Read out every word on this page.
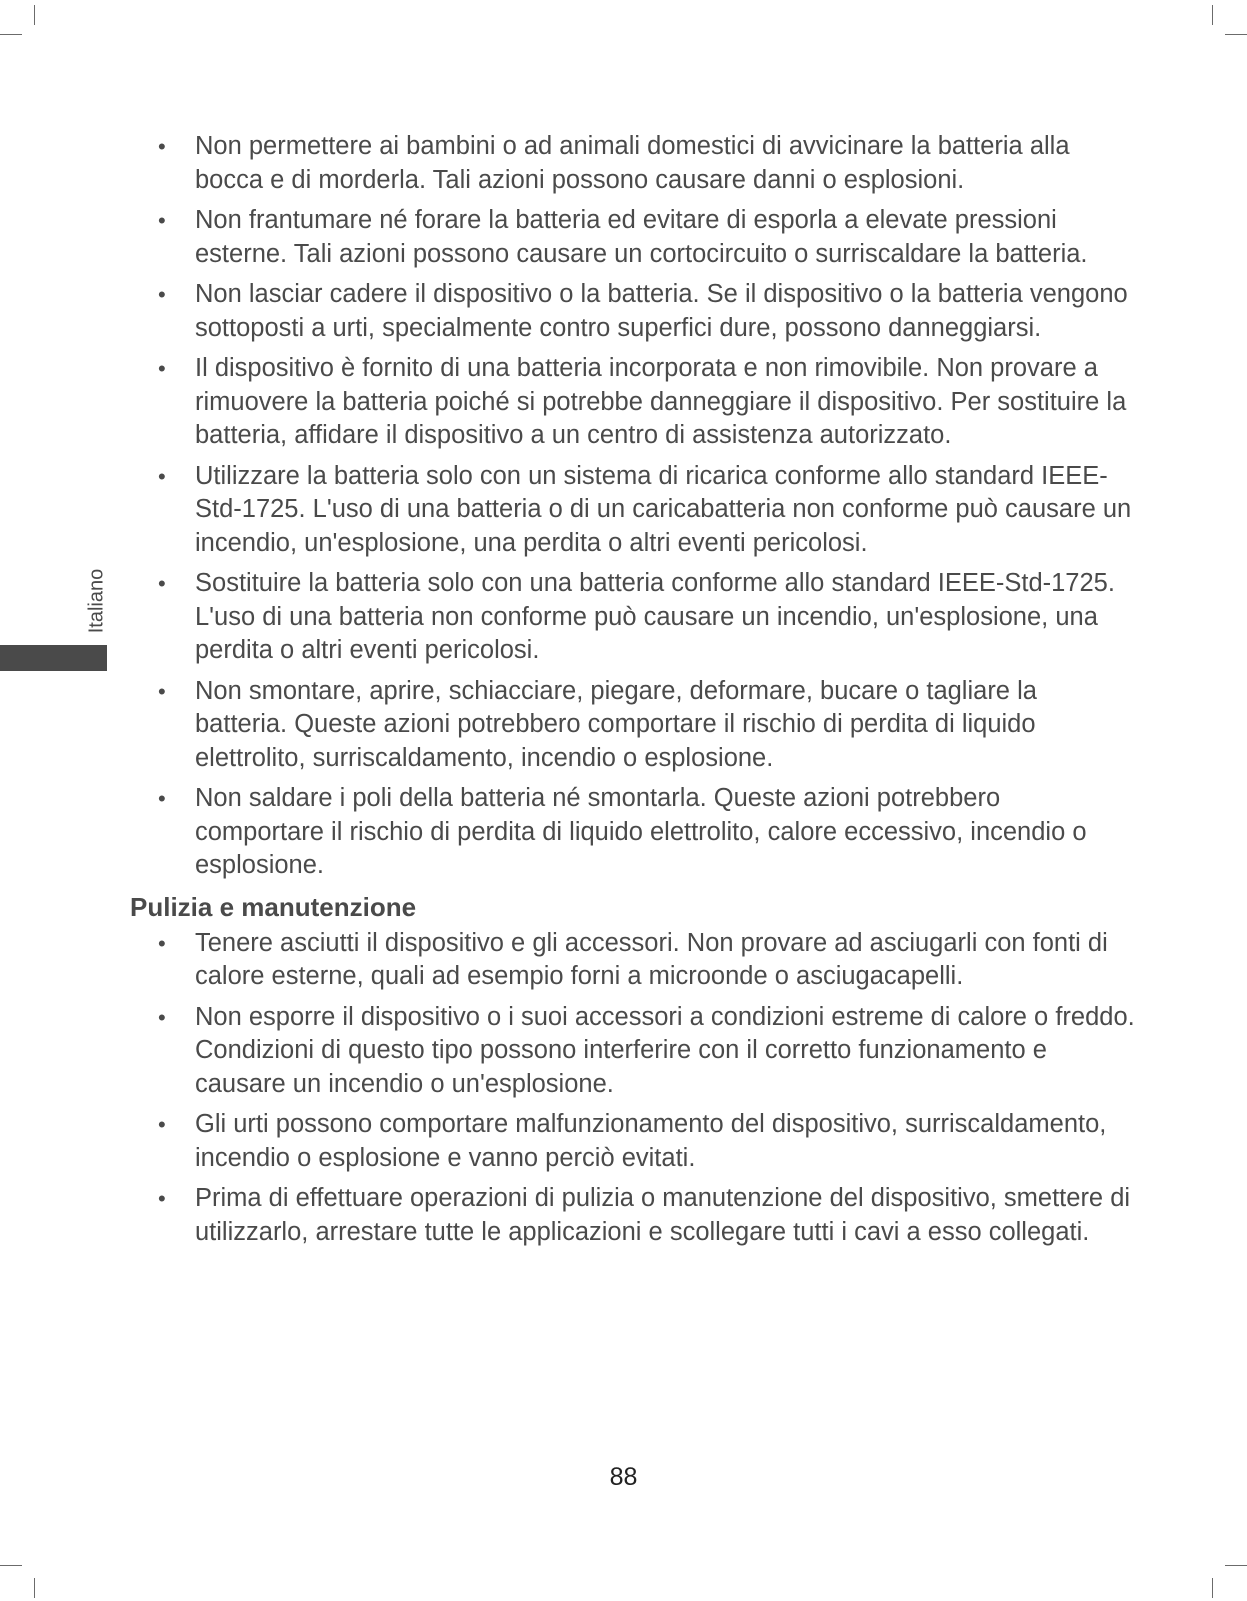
Italiano
• Non permettere ai bambini o ad animali domestici di avvicinare la batteria alla bocca e di morderla. Tali azioni possono causare danni o esplosioni.
• Non frantumare né forare la batteria ed evitare di esporla a elevate pressioni esterne. Tali azioni possono causare un cortocircuito o surriscaldare la batteria.
• Non lasciar cadere il dispositivo o la batteria. Se il dispositivo o la batteria vengono sottoposti a urti, specialmente contro superfici dure, possono danneggiarsi.
• Il dispositivo è fornito di una batteria incorporata e non rimovibile. Non provare a rimuovere la batteria poiché si potrebbe danneggiare il dispositivo. Per sostituire la batteria, affidare il dispositivo a un centro di assistenza autorizzato.
• Utilizzare la batteria solo con un sistema di ricarica conforme allo standard IEEE-Std-1725. L'uso di una batteria o di un caricabatteria non conforme può causare un incendio, un'esplosione, una perdita o altri eventi pericolosi.
• Sostituire la batteria solo con una batteria conforme allo standard IEEE-Std-1725. L'uso di una batteria non conforme può causare un incendio, un'esplosione, una perdita o altri eventi pericolosi.
• Non smontare, aprire, schiacciare, piegare, deformare, bucare o tagliare la batteria. Queste azioni potrebbero comportare il rischio di perdita di liquido elettrolito, surriscaldamento, incendio o esplosione.
• Non saldare i poli della batteria né smontarla. Queste azioni potrebbero comportare il rischio di perdita di liquido elettrolito, calore eccessivo, incendio o esplosione.
Pulizia e manutenzione
• Tenere asciutti il dispositivo e gli accessori. Non provare ad asciugarli con fonti di calore esterne, quali ad esempio forni a microonde o asciugacapelli.
• Non esporre il dispositivo o i suoi accessori a condizioni estreme di calore o freddo. Condizioni di questo tipo possono interferire con il corretto funzionamento e causare un incendio o un'esplosione.
• Gli urti possono comportare malfunzionamento del dispositivo, surriscaldamento, incendio o esplosione e vanno perciò evitati.
• Prima di effettuare operazioni di pulizia o manutenzione del dispositivo, smettere di utilizzarlo, arrestare tutte le applicazioni e scollegare tutti i cavi a esso collegati.
88
